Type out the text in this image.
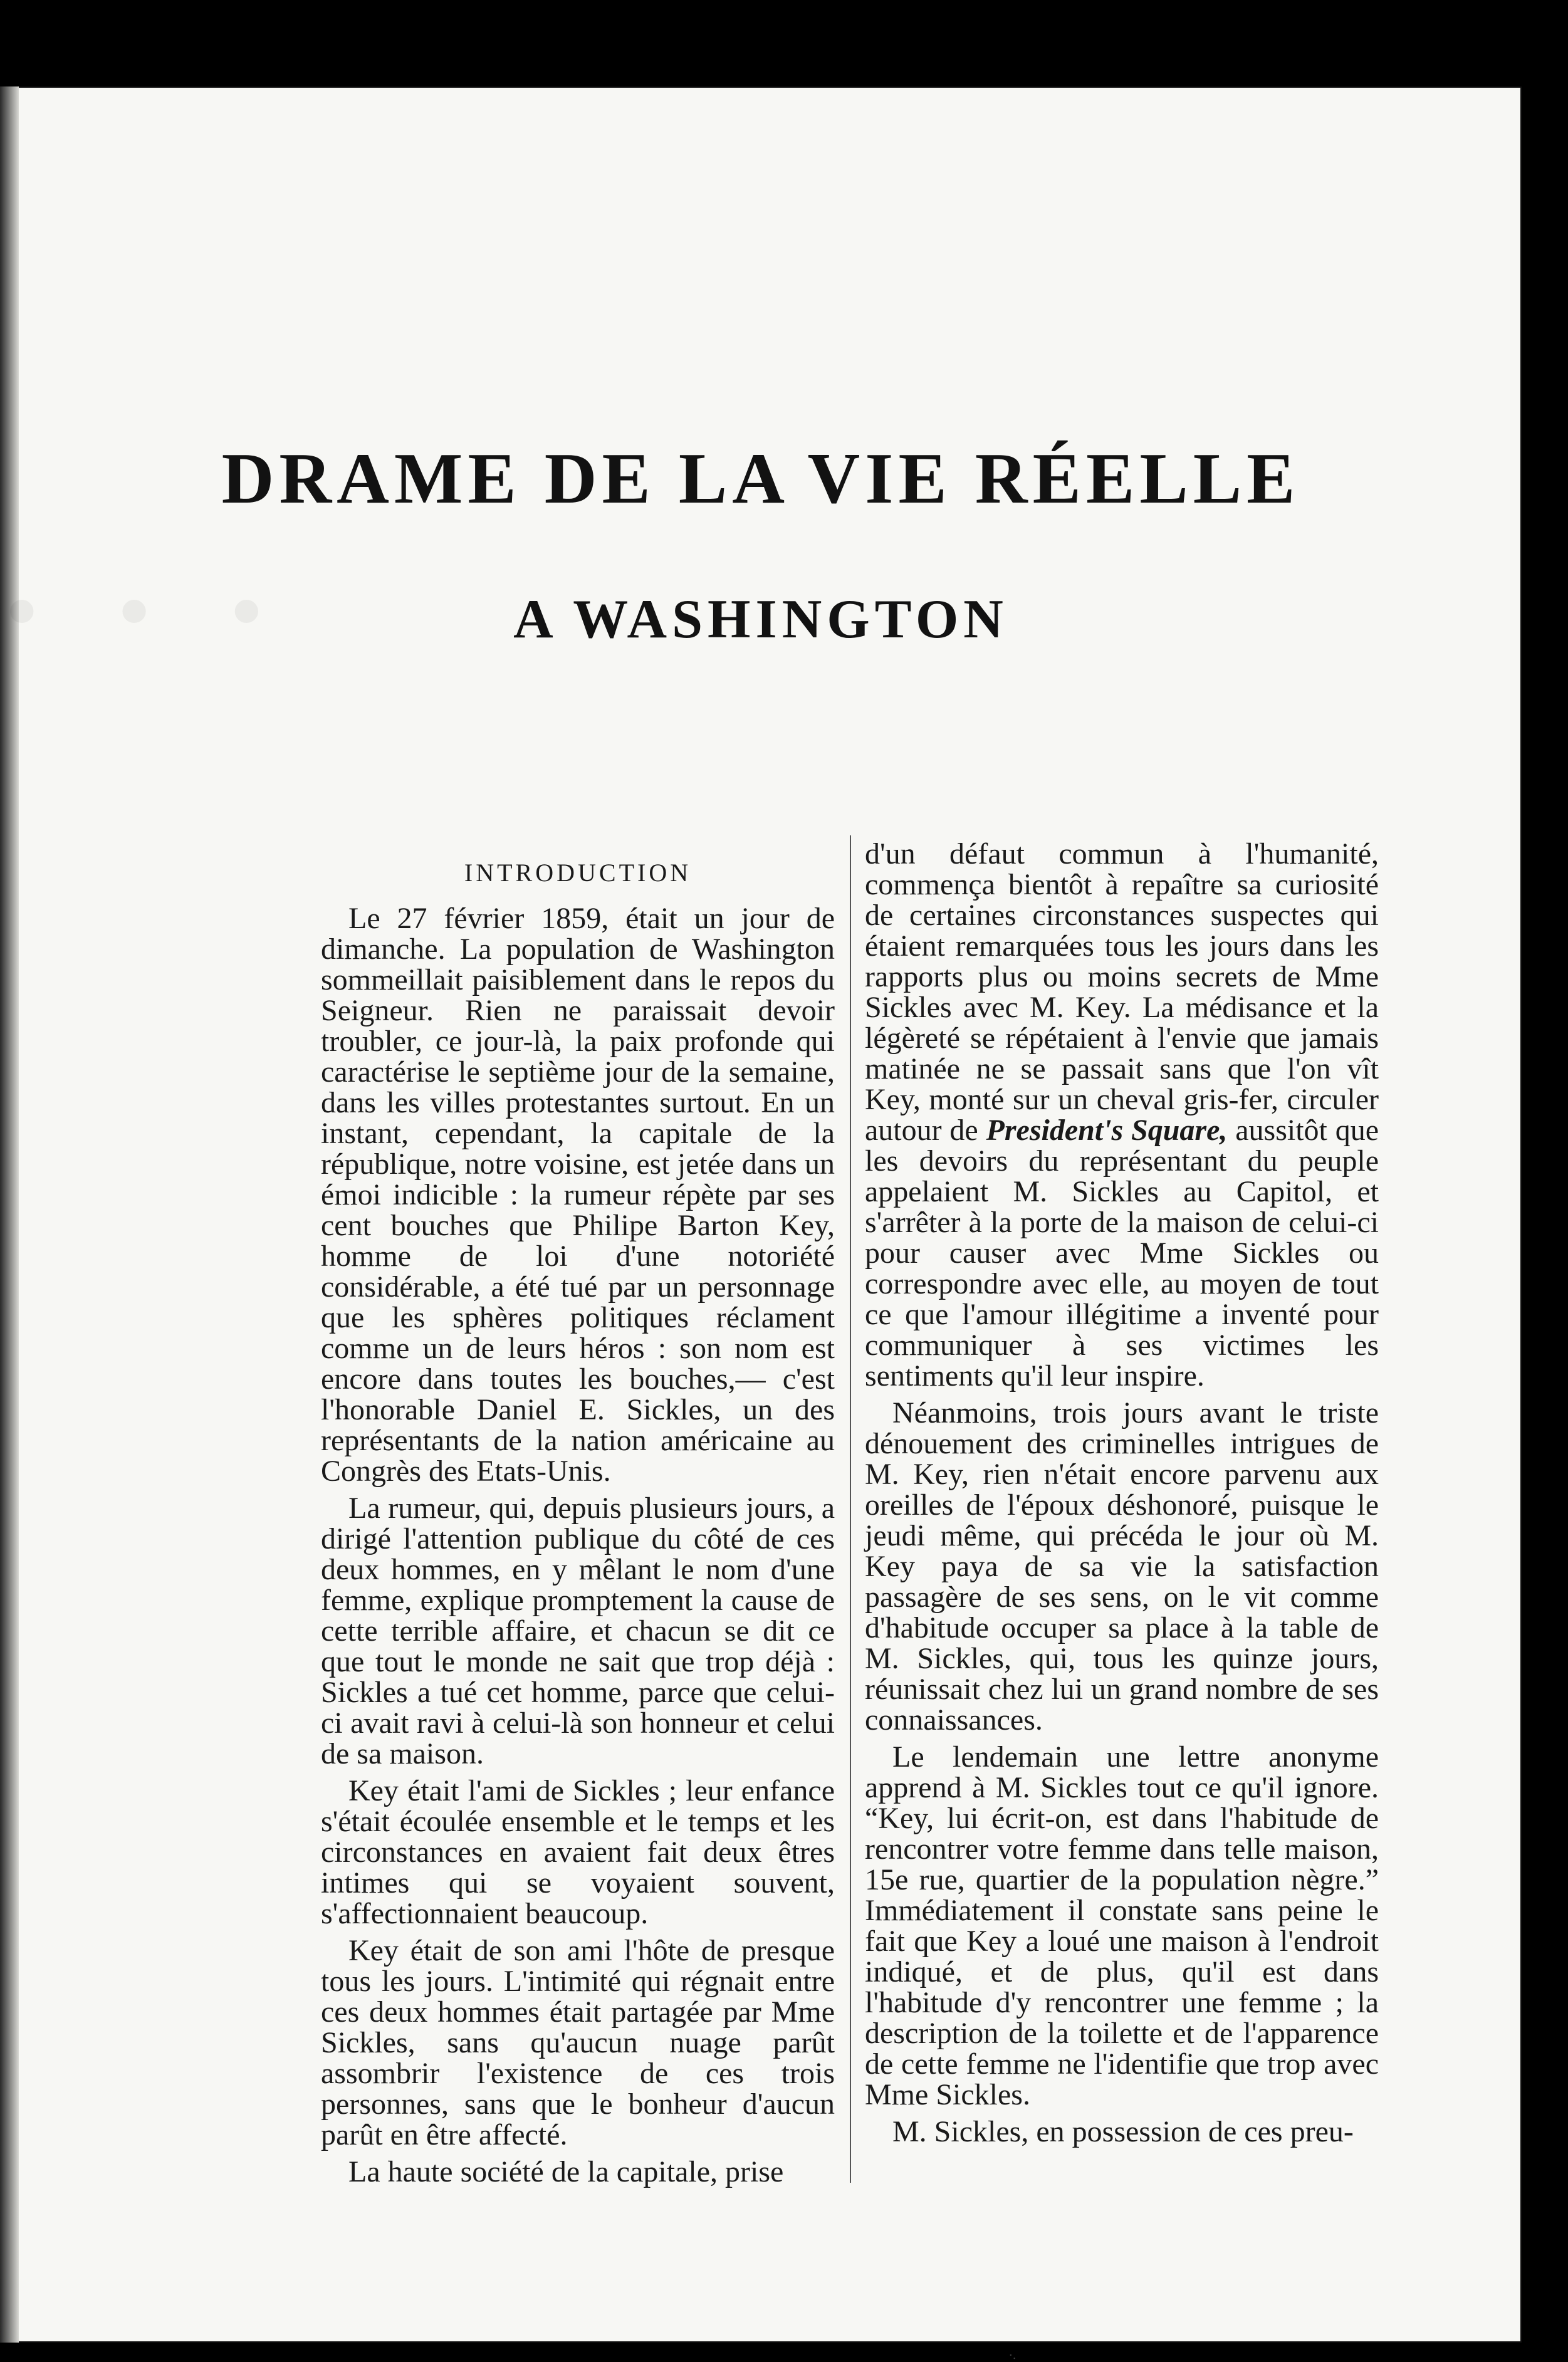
· · ·
DRAME DE LA VIE RÉELLE
A WASHINGTON
INTRODUCTION

Le 27 février 1859, était un jour de dimanche. La population de Washington sommeillait paisiblement dans le repos du Seigneur. Rien ne paraissait devoir troubler, ce jour-là, la paix profonde qui caractérise le septième jour de la semaine, dans les villes protestantes surtout. En un instant, cependant, la capitale de la république, notre voisine, est jetée dans un émoi indicible : la rumeur répète par ses cent bouches que Philipe Barton Key, homme de loi d'une notoriété considérable, a été tué par un personnage que les sphères politiques réclament comme un de leurs héros : son nom est encore dans toutes les bouches,— c'est l'honorable Daniel E. Sickles, un des représentants de la nation américaine au Congrès des Etats-Unis.

La rumeur, qui, depuis plusieurs jours, a dirigé l'attention publique du côté de ces deux hommes, en y mêlant le nom d'une femme, explique promptement la cause de cette terrible affaire, et chacun se dit ce que tout le monde ne sait que trop déjà : Sickles a tué cet homme, parce que celui-ci avait ravi à celui-là son honneur et celui de sa maison.

Key était l'ami de Sickles ; leur enfance s'était écoulée ensemble et le temps et les circonstances en avaient fait deux êtres intimes qui se voyaient souvent, s'affectionnaient beaucoup.

Key était de son ami l'hôte de presque tous les jours. L'intimité qui régnait entre ces deux hommes était partagée par Mme Sickles, sans qu'aucun nuage parût assombrir l'existence de ces trois personnes, sans que le bonheur d'aucun parût en être affecté.

La haute société de la capitale, prise

d'un défaut commun à l'humanité, commença bientôt à repaître sa curiosité de certaines circonstances suspectes qui étaient remarquées tous les jours dans les rapports plus ou moins secrets de Mme Sickles avec M. Key. La médisance et la légèreté se répétaient à l'envie que jamais matinée ne se passait sans que l'on vît Key, monté sur un cheval gris-fer, circuler autour de President's Square, aussitôt que les devoirs du représentant du peuple appelaient M. Sickles au Capitol, et s'arrêter à la porte de la maison de celui-ci pour causer avec Mme Sickles ou correspondre avec elle, au moyen de tout ce que l'amour illégitime a inventé pour communiquer à ses victimes les sentiments qu'il leur inspire.

Néanmoins, trois jours avant le triste dénouement des criminelles intrigues de M. Key, rien n'était encore parvenu aux oreilles de l'époux déshonoré, puisque le jeudi même, qui précéda le jour où M. Key paya de sa vie la satisfaction passagère de ses sens, on le vit comme d'habitude occuper sa place à la table de M. Sickles, qui, tous les quinze jours, réunissait chez lui un grand nombre de ses connaissances.

Le lendemain une lettre anonyme apprend à M. Sickles tout ce qu'il ignore. “Key, lui écrit-on, est dans l'habitude de rencontrer votre femme dans telle maison, 15e rue, quartier de la population nègre.” Immédiatement il constate sans peine le fait que Key a loué une maison à l'endroit indiqué, et de plus, qu'il est dans l'habitude d'y rencontrer une femme ; la description de la toilette et de l'apparence de cette femme ne l'identifie que trop avec Mme Sickles.

M. Sickles, en possession de ces preu-

·.
